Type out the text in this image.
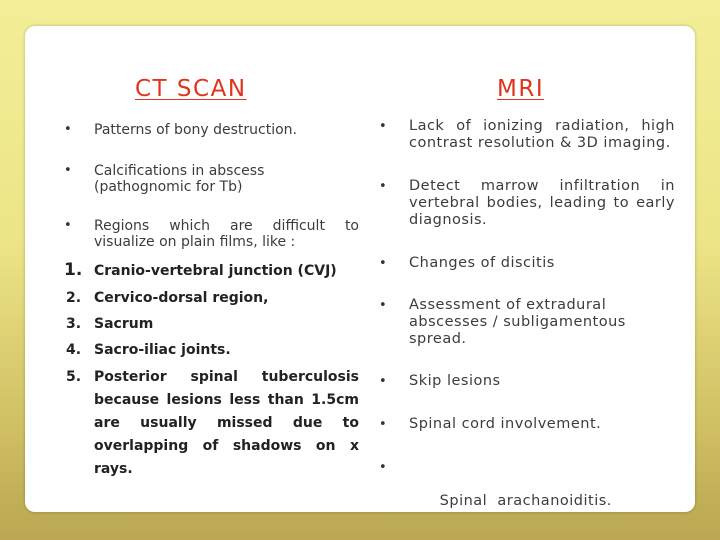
CT SCAN	MRI
• Patterns of bony destruction.
• Calcifications in abscess (pathognomic for Tb)
• Regions which are difficult to visualize on plain films, like :
1. Cranio-vertebral junction (CVJ)
2. Cervico-dorsal region,
3. Sacrum
4. Sacro-iliac joints.
5. Posterior spinal tuberculosis because lesions less than 1.5cm are usually missed due to overlapping of shadows on x rays.
• Lack of ionizing radiation, high contrast resolution & 3D imaging.
• Detect marrow infiltration in vertebral bodies, leading to early diagnosis.
• Changes of discitis
• Assessment of extradural abscesses / subligamentous spread.
• Skip lesions
• Spinal cord involvement.

•

Spinal  arachanoiditis.
